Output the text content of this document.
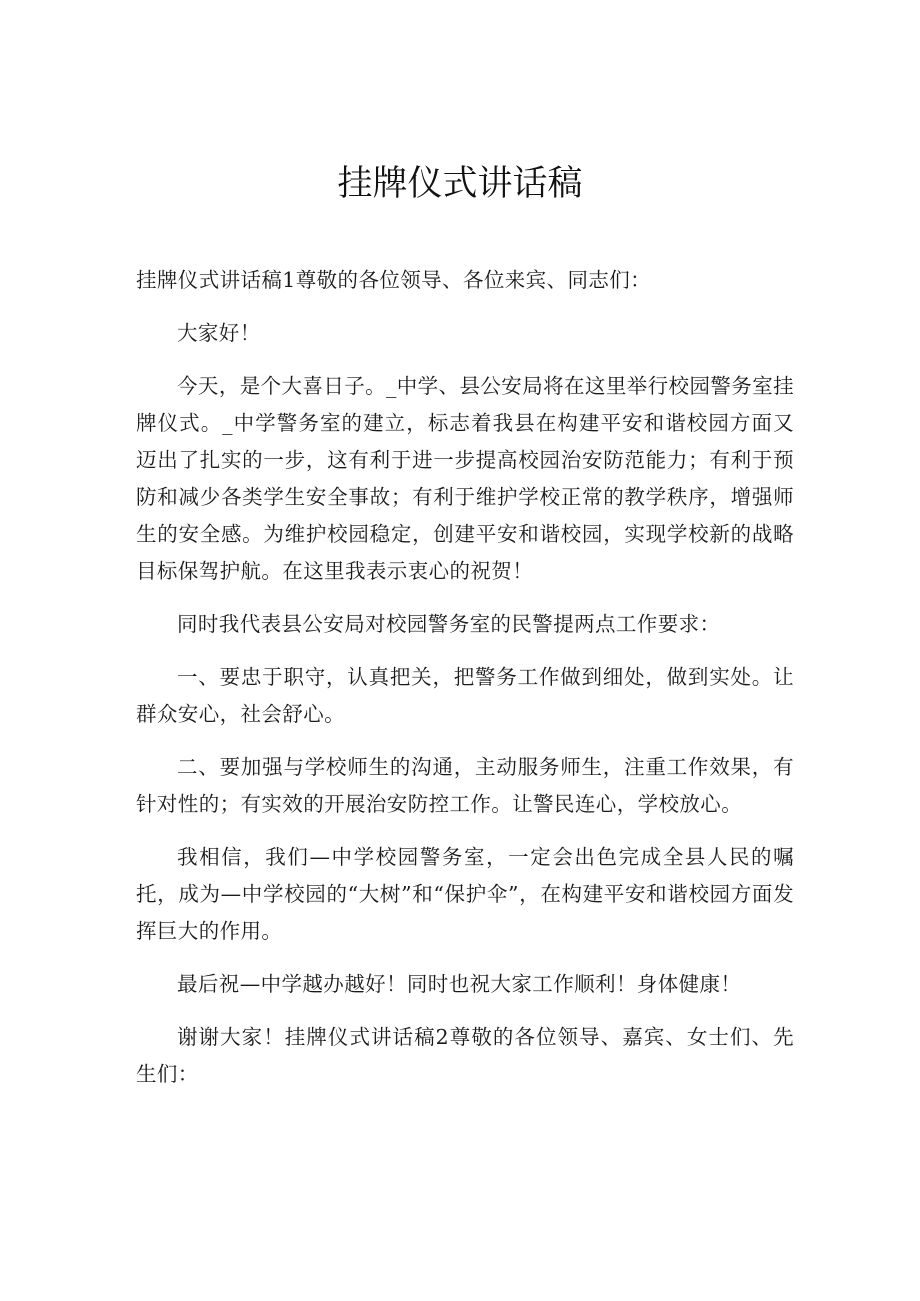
挂牌仪式讲话稿

挂牌仪式讲话稿1尊敬的各位领导、各位来宾、同志们：

大家好！

今天，是个大喜日子。_中学、县公安局将在这里举行校园警务室挂牌仪式。_中学警务室的建立，标志着我县在构建平安和谐校园方面又迈出了扎实的一步，这有利于进一步提高校园治安防范能力；有利于预防和减少各类学生安全事故；有利于维护学校正常的教学秩序，增强师生的安全感。为维护校园稳定，创建平安和谐校园，实现学校新的战略目标保驾护航。在这里我表示衷心的祝贺！

同时我代表县公安局对校园警务室的民警提两点工作要求：

一、要忠于职守，认真把关，把警务工作做到细处，做到实处。让群众安心，社会舒心。

二、要加强与学校师生的沟通，主动服务师生，注重工作效果，有针对性的；有实效的开展治安防控工作。让警民连心，学校放心。

我相信，我们—中学校园警务室，一定会出色完成全县人民的嘱托，成为—中学校园的“大树”和“保护伞”，在构建平安和谐校园方面发挥巨大的作用。

最后祝—中学越办越好！同时也祝大家工作顺利！身体健康！

谢谢大家！挂牌仪式讲话稿2尊敬的各位领导、嘉宾、女士们、先生们：
